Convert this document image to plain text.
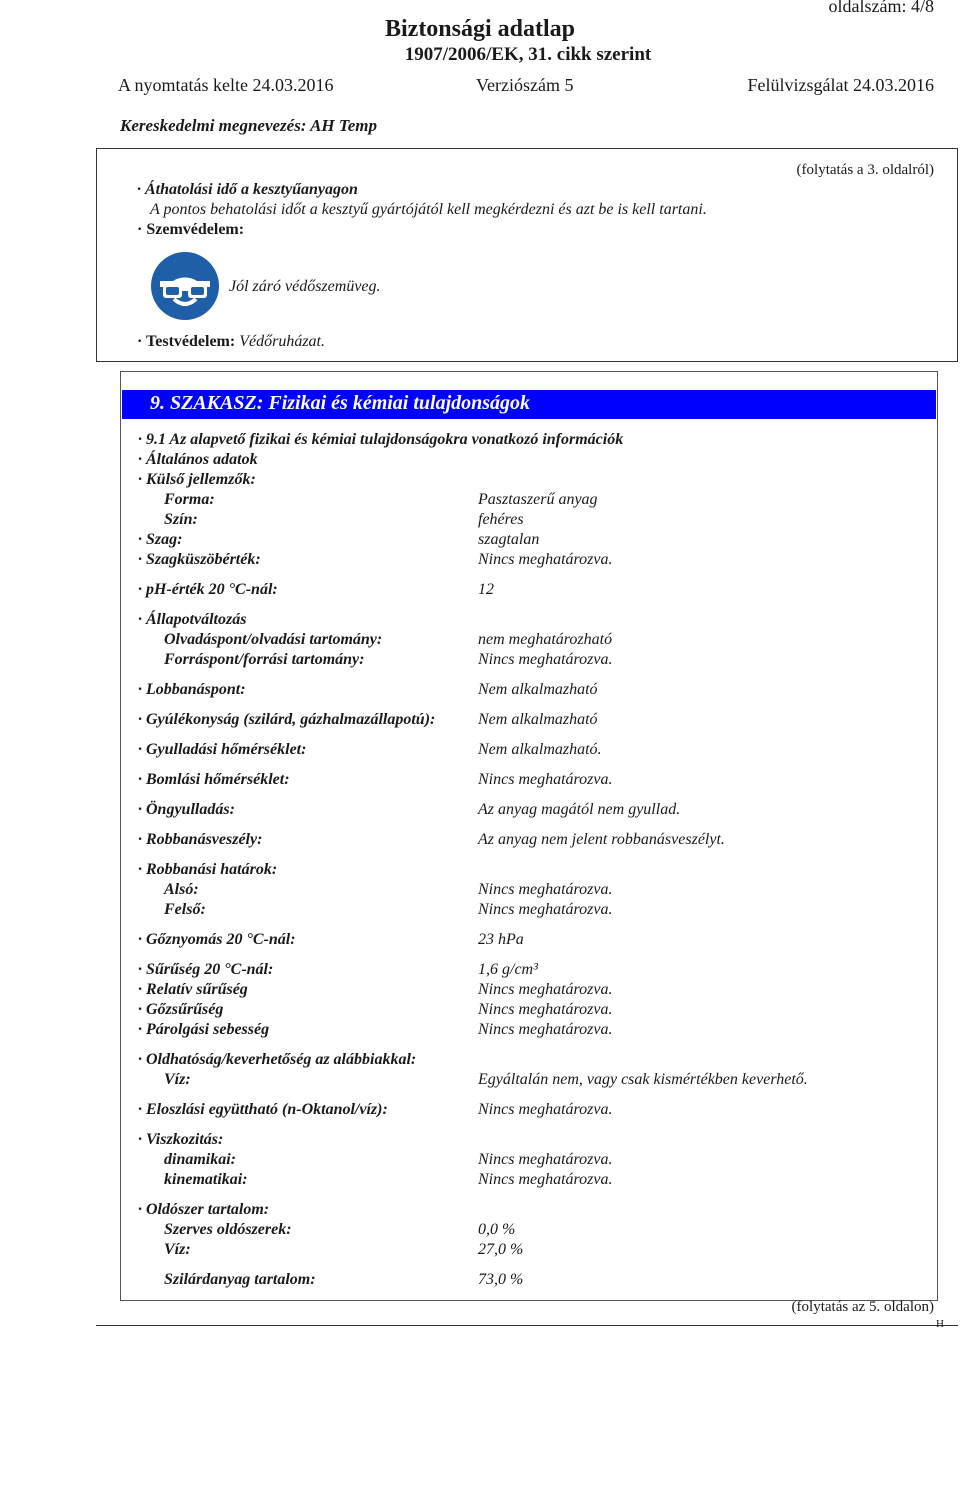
oldalszám: 4/8
Biztonsági adatlap
1907/2006/EK, 31. cikk szerint
A nyomtatás kelte 24.03.2016	Verziószám 5	Felülvizsgálat 24.03.2016
Kereskedelmi megnevezés: AH Temp
(folytatás a 3. oldalról)
· Áthatolási idő a kesztyűanyagon
A pontos behatolási időt a kesztyű gyártójától kell megkérdezni és azt be is kell tartani.
· Szemvédelem:
Jól záró védőszemüveg.
· Testvédelem: Védőruházat.
9. SZAKASZ: Fizikai és kémiai tulajdonságok
· 9.1 Az alapvető fizikai és kémiai tulajdonságokra vonatkozó információk
· Általános adatok
· Külső jellemzők:
Forma:	Pasztaszerű anyag
Szín:	fehéres
· Szag:	szagtalan
· Szagküszöbérték:	Nincs meghatározva.
· pH-érték 20 °C-nál:	12
· Állapotváltozás
Olvadáspont/olvadási tartomány:	nem meghatározható
Forráspont/forrási tartomány:	Nincs meghatározva.
· Lobbanáspont:	Nem alkalmazható
· Gyúlékonyság (szilárd, gázhalmazállapotú):	Nem alkalmazható
· Gyulladási hőmérséklet:	Nem alkalmazható.
· Bomlási hőmérséklet:	Nincs meghatározva.
· Öngyulladás:	Az anyag magától nem gyullad.
· Robbanásveszély:	Az anyag nem jelent robbanásveszélyt.
· Robbanási határok:
Alsó:	Nincs meghatározva.
Felső:	Nincs meghatározva.
· Gőznyomás 20 °C-nál:	23 hPa
· Sűrűség 20 °C-nál:	1,6 g/cm³
· Relatív sűrűség	Nincs meghatározva.
· Gőzsűrűség	Nincs meghatározva.
· Párolgási sebesség	Nincs meghatározva.
· Oldhatóság/keverhetőség az alábbiakkal:
Víz:	Egyáltalán nem, vagy csak kismértékben keverhető.
· Eloszlási együttható (n-Oktanol/víz):	Nincs meghatározva.
· Viszkozitás:
dinamikai:	Nincs meghatározva.
kinematikai:	Nincs meghatározva.
· Oldószer tartalom:
Szerves oldószerek:	0,0 %
Víz:	27,0 %
Szilárdanyag tartalom:	73,0 %
(folytatás az 5. oldalon)
H
